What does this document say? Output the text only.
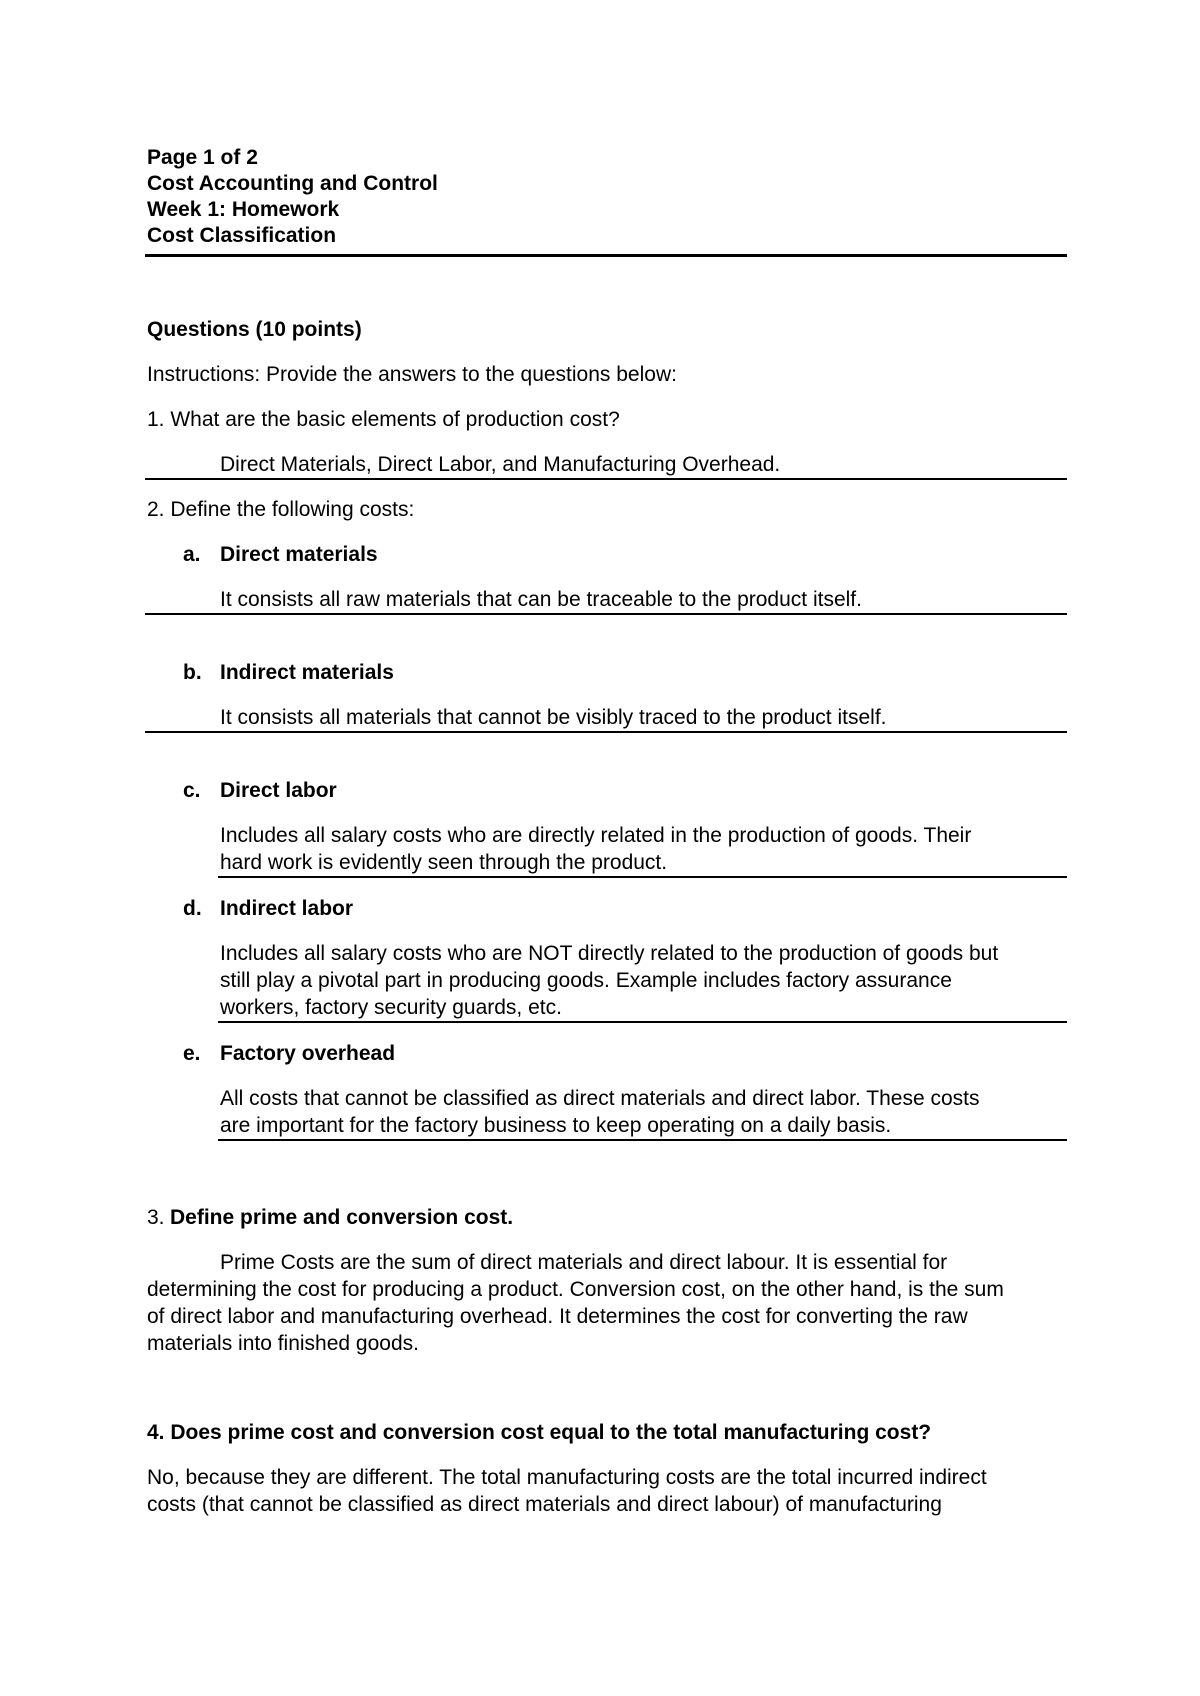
Page 1 of 2
Cost Accounting and Control
Week 1: Homework
Cost Classification
Questions (10 points)
Instructions: Provide the answers to the questions below:
1. What are the basic elements of production cost?
Direct Materials, Direct Labor, and Manufacturing Overhead.
2. Define the following costs:
a. Direct materials
It consists all raw materials that can be traceable to the product itself.
b. Indirect materials
It consists all materials that cannot be visibly traced to the product itself.
c. Direct labor
Includes all salary costs who are directly related in the production of goods. Their
hard work is evidently seen through the product.
d. Indirect labor
Includes all salary costs who are NOT directly related to the production of goods but
still play a pivotal part in producing goods. Example includes factory assurance
workers, factory security guards, etc.
e. Factory overhead
All costs that cannot be classified as direct materials and direct labor. These costs
are important for the factory business to keep operating on a daily basis.
3. Define prime and conversion cost.
Prime Costs are the sum of direct materials and direct labour. It is essential for
determining the cost for producing a product. Conversion cost, on the other hand, is the sum
of direct labor and manufacturing overhead. It determines the cost for converting the raw
materials into finished goods.
4. Does prime cost and conversion cost equal to the total manufacturing cost?
No, because they are different. The total manufacturing costs are the total incurred indirect
costs (that cannot be classified as direct materials and direct labour) of manufacturing
